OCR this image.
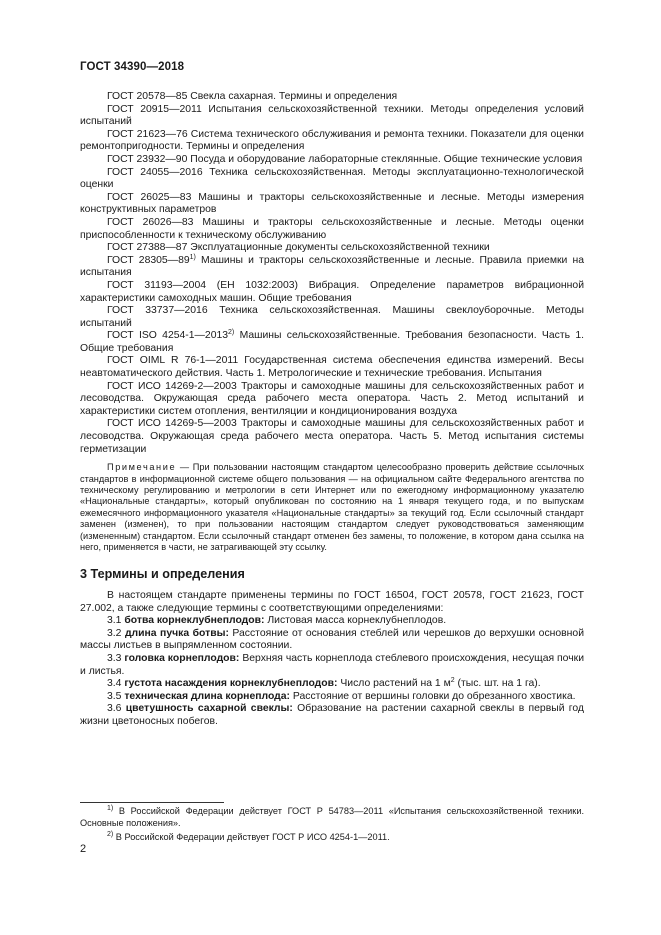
ГОСТ 34390—2018

ГОСТ 20578—85 Свекла сахарная. Термины и определения

ГОСТ 20915—2011 Испытания сельскохозяйственной техники. Методы определения условий испытаний

ГОСТ 21623—76 Система технического обслуживания и ремонта техники. Показатели для оценки ремонтопригодности. Термины и определения

ГОСТ 23932—90 Посуда и оборудование лабораторные стеклянные. Общие технические условия

ГОСТ 24055—2016 Техника сельскохозяйственная. Методы эксплуатационно-технологической оценки

ГОСТ 26025—83 Машины и тракторы сельскохозяйственные и лесные. Методы измерения конструктивных параметров

ГОСТ 26026—83 Машины и тракторы сельскохозяйственные и лесные. Методы оценки приспособленности к техническому обслуживанию

ГОСТ 27388—87 Эксплуатационные документы сельскохозяйственной техники

ГОСТ 28305—89$^{1)}$ Машины и тракторы сельскохозяйственные и лесные. Правила приемки на испытания

ГОСТ 31193—2004 (ЕН 1032:2003) Вибрация. Определение параметров вибрационной характеристики самоходных машин. Общие требования

ГОСТ 33737—2016 Техника сельскохозяйственная. Машины свеклоуборочные. Методы испытаний

ГОСТ ISO 4254-1—2013$^{2)}$ Машины сельскохозяйственные. Требования безопасности. Часть 1. Общие требования

ГОСТ OIML R 76-1—2011 Государственная система обеспечения единства измерений. Весы неавтоматического действия. Часть 1. Метрологические и технические требования. Испытания

ГОСТ ИСО 14269-2—2003 Тракторы и самоходные машины для сельскохозяйственных работ и лесоводства. Окружающая среда рабочего места оператора. Часть 2. Метод испытаний и характеристики систем отопления, вентиляции и кондиционирования воздуха

ГОСТ ИСО 14269-5—2003 Тракторы и самоходные машины для сельскохозяйственных работ и лесоводства. Окружающая среда рабочего места оператора. Часть 5. Метод испытания системы герметизации

Примечание — При пользовании настоящим стандартом целесообразно проверить действие ссылочных стандартов в информационной системе общего пользования — на официальном сайте Федерального агентства по техническому регулированию и метрологии в сети Интернет или по ежегодному информационному указателю «Национальные стандарты», который опубликован по состоянию на 1 января текущего года, и по выпускам ежемесячного информационного указателя «Национальные стандарты» за текущий год. Если ссылочный стандарт заменен (изменен), то при пользовании настоящим стандартом следует руководствоваться заменяющим (измененным) стандартом. Если ссылочный стандарт отменен без замены, то положение, в котором дана ссылка на него, применяется в части, не затрагивающей эту ссылку.

3 Термины и определения

В настоящем стандарте применены термины по ГОСТ 16504, ГОСТ 20578, ГОСТ 21623, ГОСТ 27.002, а также следующие термины с соответствующими определениями:

3.1 ботва корнеклубнеплодов: Листовая масса корнеклубнеплодов.

3.2 длина пучка ботвы: Расстояние от основания стеблей или черешков до верхушки основной массы листьев в выпрямленном состоянии.

3.3 головка корнеплодов: Верхняя часть корнеплода стеблевого происхождения, несущая почки и листья.

3.4 густота насаждения корнеклубнеплодов: Число растений на 1 $м^2$ (тыс. шт. на 1 га).

3.5 техническая длина корнеплода: Расстояние от вершины головки до обрезанного хвостика.

3.6 цветушность сахарной свеклы: Образование на растении сахарной свеклы в первый год жизни цветоносных побегов.

$^{1)}$ В Российской Федерации действует ГОСТ Р 54783—2011 «Испытания сельскохозяйственной техники. Основные положения».

$^{2)}$ В Российской Федерации действует ГОСТ Р ИСО 4254-1—2011.

2
